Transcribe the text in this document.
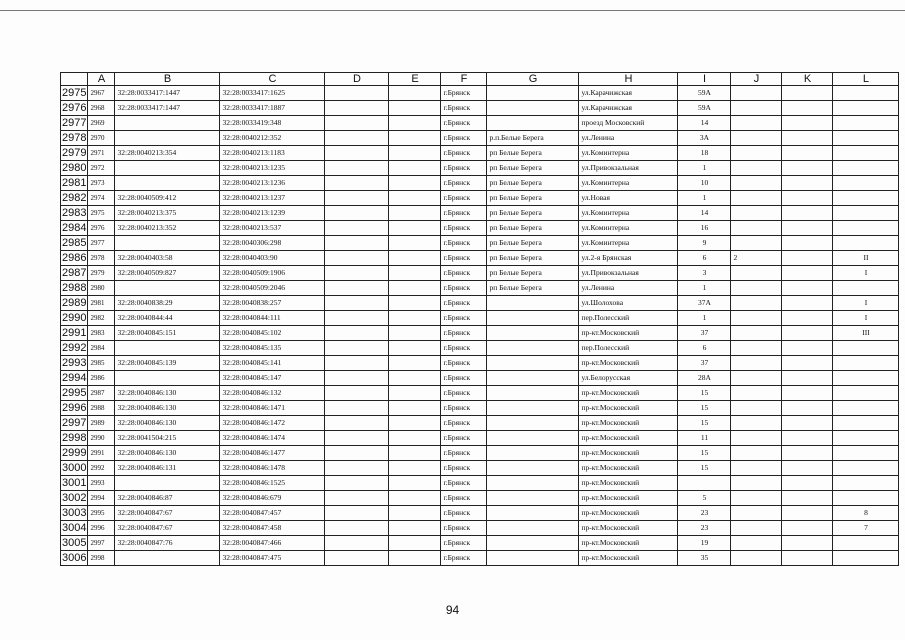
	A	B	C	D	E	F	G	H	I	J	K	L
2975	2967	32:28:0033417:1447	32:28:0033417:1625			г.Брянск		ул.Карачижская	59А			
2976	2968	32:28:0033417:1447	32:28:0033417:1887			г.Брянск		ул.Карачижская	59А			
2977	2969		32:28:0033419:348			г.Брянск		проезд Московский	14			
2978	2970		32:28:0040212:352			г.Брянск	р.п.Белые Берега	ул.Ленина	3А			
2979	2971	32:28:0040213:354	32:28:0040213:1183			г.Брянск	рп Белые Берега	ул.Коминтерна	18			
2980	2972		32:28:0040213:1235			г.Брянск	рп Белые Берега	ул.Привокзальная	1			
2981	2973		32:28:0040213:1236			г.Брянск	рп Белые Берега	ул.Коминтерна	10			
2982	2974	32:28:0040509:412	32:28:0040213:1237			г.Брянск	рп Белые Берега	ул.Новая	1			
2983	2975	32:28:0040213:375	32:28:0040213:1239			г.Брянск	рп Белые Берега	ул.Коминтерна	14			
2984	2976	32:28:0040213:352	32:28:0040213:537			г.Брянск	рп Белые Берега	ул.Коминтерна	16			
2985	2977		32:28:0040306:298			г.Брянск	рп Белые Берега	ул.Коминтерна	9			
2986	2978	32:28:0040403:58	32:28:0040403:90			г.Брянск	рп Белые Берега	ул.2-я Брянская	6	2		II
2987	2979	32:28:0040509:827	32:28:0040509:1906			г.Брянск	рп Белые Берега	ул.Привокзальная	3			I
2988	2980		32:28:0040509:2046			г.Брянск	рп Белые Берега	ул.Ленина	1			
2989	2981	32:28:0040838:29	32:28:0040838:257			г.Брянск		ул.Шолохова	37А			I
2990	2982	32:28:0040844:44	32:28:0040844:111			г.Брянск		пер.Полесский	1			I
2991	2983	32:28:0040845:151	32:28:0040845:102			г.Брянск		пр-кт.Московский	37			III
2992	2984		32:28:0040845:135			г.Брянск		пер.Полесский	6			
2993	2985	32:28:0040845:139	32:28:0040845:141			г.Брянск		пр-кт.Московский	37			
2994	2986		32:28:0040845:147			г.Брянск		ул.Белорусская	28А			
2995	2987	32:28:0040846:130	32:28:0040846:132			г.Брянск		пр-кт.Московский	15			
2996	2988	32:28:0040846:130	32:28:0040846:1471			г.Брянск		пр-кт.Московский	15			
2997	2989	32:28:0040846:130	32:28:0040846:1472			г.Брянск		пр-кт.Московский	15			
2998	2990	32:28:0041504:215	32:28:0040846:1474			г.Брянск		пр-кт.Московский	11			
2999	2991	32:28:0040846:130	32:28:0040846:1477			г.Брянск		пр-кт.Московский	15			
3000	2992	32:28:0040846:131	32:28:0040846:1478			г.Брянск		пр-кт.Московский	15			
3001	2993		32:28:0040846:1525			г.Брянск		пр-кт.Московский				
3002	2994	32:28:0040846:87	32:28:0040846:679			г.Брянск		пр-кт.Московский	5			
3003	2995	32:28:0040847:67	32:28:0040847:457			г.Брянск		пр-кт.Московский	23			8
3004	2996	32:28:0040847:67	32:28:0040847:458			г.Брянск		пр-кт.Московский	23			7
3005	2997	32:28:0040847:76	32:28:0040847:466			г.Брянск		пр-кт.Московский	19			
3006	2998		32:28:0040847:475			г.Брянск		пр-кт.Московский	35			
94
